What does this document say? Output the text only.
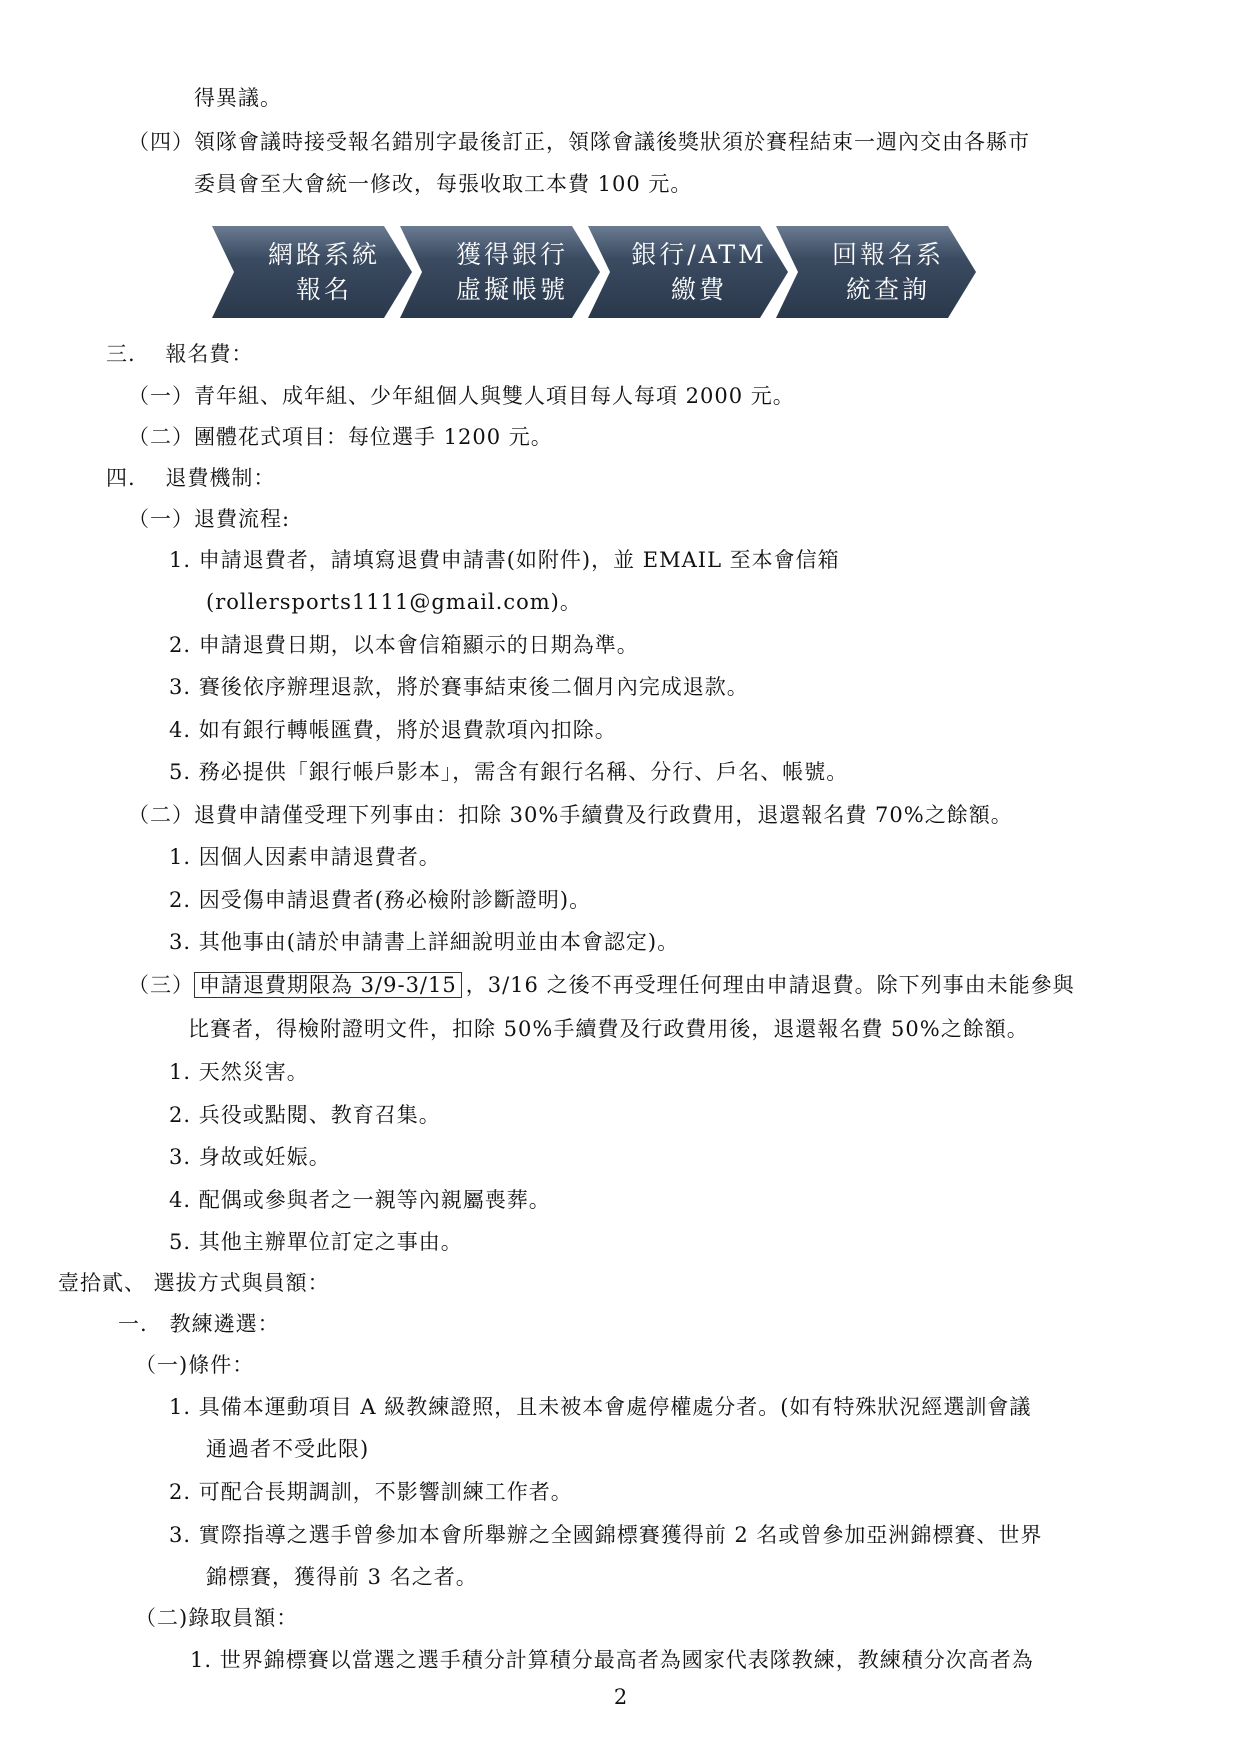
得異議。
（四） 領隊會議時接受報名錯別字最後訂正，領隊會議後獎狀須於賽程結束一週內交由各縣市
委員會至大會統一修改，每張收取工本費 100 元。
網路系統
報名
獲得銀行
虛擬帳號
銀行/ATM
繳費
回報名系
統查詢
三.　 報名費：
（一）青年組、成年組、少年組個人與雙人項目每人每項 2000 元。
（二）團體花式項目：每位選手 1200 元。
四.　 退費機制：
（一）退費流程:
1. 申請退費者，請填寫退費申請書(如附件)，並 EMAIL 至本會信箱
(rollersports1111@gmail.com)。
2. 申請退費日期，以本會信箱顯示的日期為準。
3. 賽後依序辦理退款，將於賽事結束後二個月內完成退款。
4. 如有銀行轉帳匯費，將於退費款項內扣除。
5. 務必提供「銀行帳戶影本」，需含有銀行名稱、分行、戶名、帳號。
（二）退費申請僅受理下列事由：扣除 30%手續費及行政費用，退還報名費 70%之餘額。
1. 因個人因素申請退費者。
2. 因受傷申請退費者(務必檢附診斷證明)。
3. 其他事由(請於申請書上詳細說明並由本會認定)。
（三） 申請退費期限為 3/9-3/15 ，3/16 之後不再受理任何理由申請退費。除下列事由未能參與
比賽者，得檢附證明文件，扣除 50%手續費及行政費用後，退還報名費 50%之餘額。
1. 天然災害。
2. 兵役或點閱、教育召集。
3. 身故或妊娠。
4. 配偶或參與者之一親等內親屬喪葬。
5. 其他主辦單位訂定之事由。
壹拾貳、 選拔方式與員額：
一.　教練遴選：
（一)條件：
1. 具備本運動項目 A 級教練證照，且未被本會處停權處分者。(如有特殊狀況經選訓會議
通過者不受此限)
2. 可配合長期調訓，不影響訓練工作者。
3. 實際指導之選手曾參加本會所舉辦之全國錦標賽獲得前 2 名或曾參加亞洲錦標賽、世界
錦標賽，獲得前 3 名之者。
（二)錄取員額：
1. 世界錦標賽以當選之選手積分計算積分最高者為國家代表隊教練，教練積分次高者為
2
